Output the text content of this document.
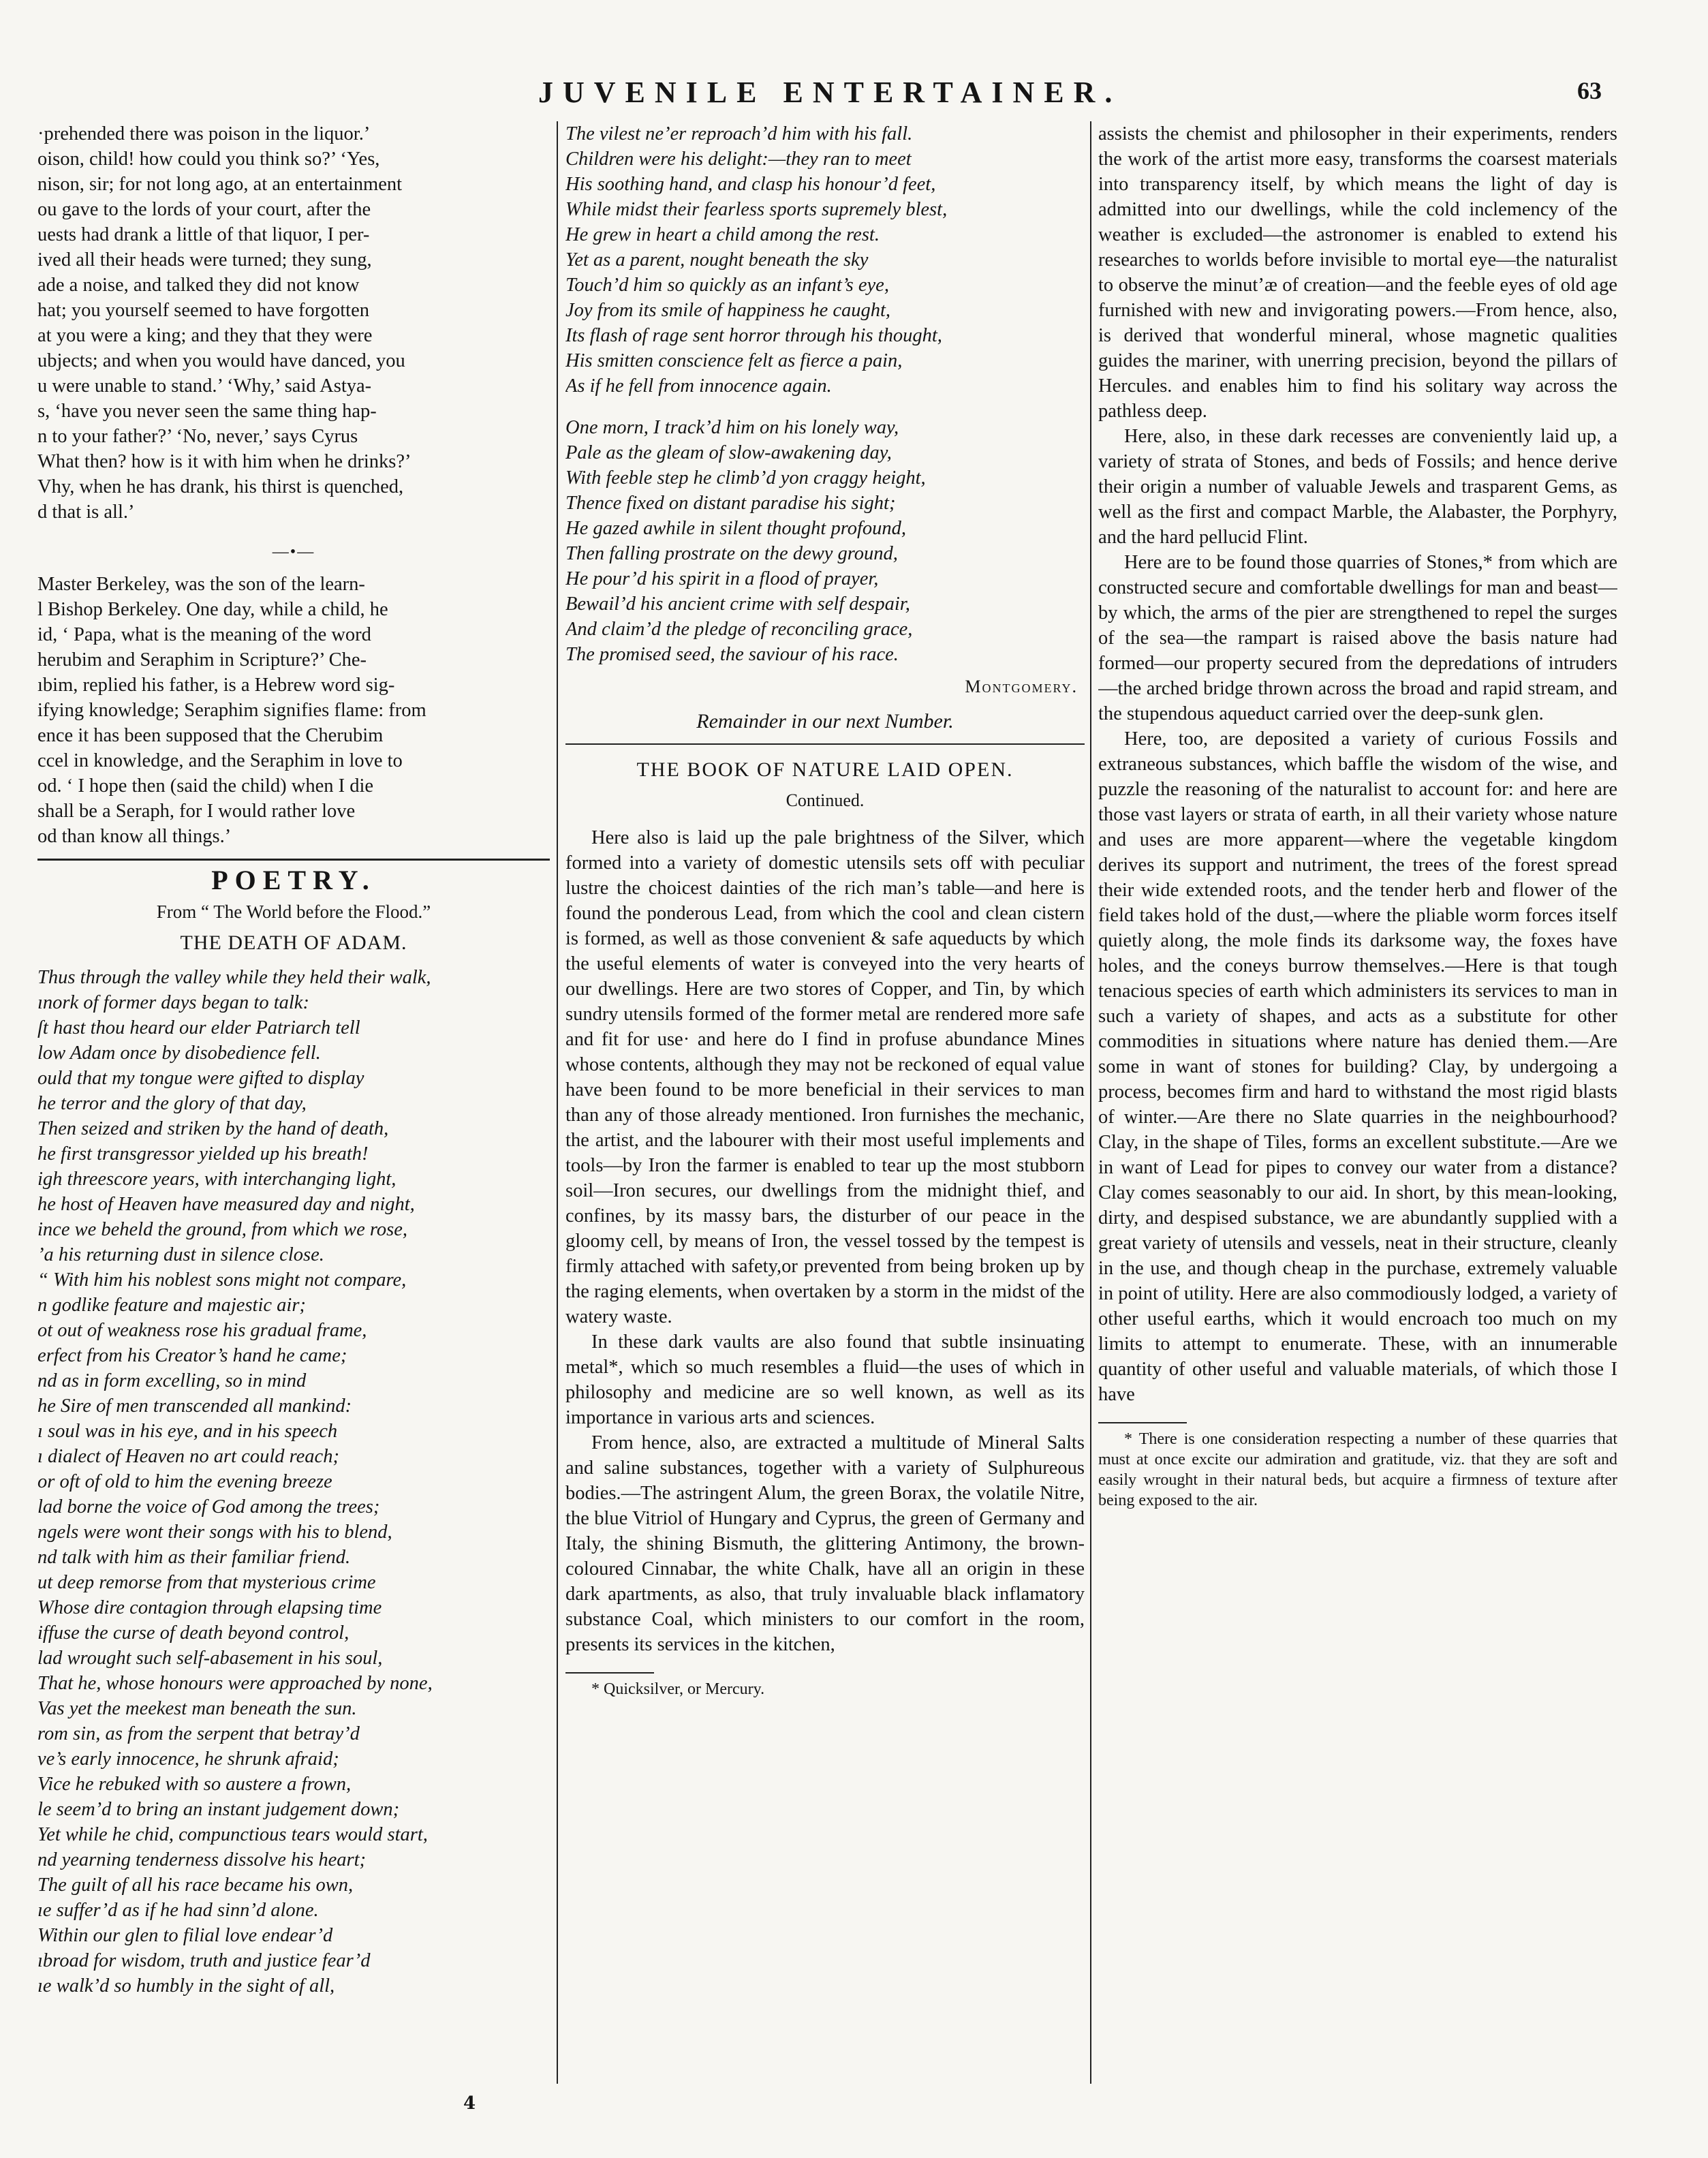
JUVENILE ENTERTAINER.	63
·prehended there was poison in the liquor.’
oison, child! how could you think so?’ ‘Yes,
nison, sir; for not long ago, at an entertainment
ou gave to the lords of your court, after the
uests had drank a little of that liquor, I per-
ived all their heads were turned; they sung,
ade a noise, and talked they did not know
hat; you yourself seemed to have forgotten
at you were a king; and they that they were
ubjects; and when you would have danced, you
u were unable to stand.’ ‘Why,’ said Astya-
s, ‘have you never seen the same thing hap-
n to your father?’ ‘No, never,’ says Cyrus
What then? how is it with him when he drinks?’
Vhy, when he has drank, his thirst is quenched,
d that is all.’
—•—
Master Berkeley, was the son of the learn-
l Bishop Berkeley. One day, while a child, he
id, ‘ Papa, what is the meaning of the word
herubim and Seraphim in Scripture?’ Che-
ıbim, replied his father, is a Hebrew word sig-
ifying knowledge; Seraphim signifies flame: from
ence it has been supposed that the Cherubim
ccel in knowledge, and the Seraphim in love to
od. ‘ I hope then (said the child) when I die
shall be a Seraph, for I would rather love
od than know all things.’
POETRY.
From “ The World before the Flood.”
THE DEATH OF ADAM.
Thus through the valley while they held their walk,
ınork of former days began to talk:
ſt hast thou heard our elder Patriarch tell
low Adam once by disobedience fell.
ould that my tongue were gifted to display
he terror and the glory of that day,
Then seized and striken by the hand of death,
he first transgressor yielded up his breath!
igh threescore years, with interchanging light,
he host of Heaven have measured day and night,
ince we beheld the ground, from which we rose,
’a his returning dust in silence close.
“ With him his noblest sons might not compare,
n godlike feature and majestic air;
ot out of weakness rose his gradual frame,
erfect from his Creator’s hand he came;
nd as in form excelling, so in mind
he Sire of men transcended all mankind:
ı soul was in his eye, and in his speech
ı dialect of Heaven no art could reach;
or oft of old to him the evening breeze
lad borne the voice of God among the trees;
ngels were wont their songs with his to blend,
nd talk with him as their familiar friend.
ut deep remorse from that mysterious crime
Whose dire contagion through elapsing time
iffuse the curse of death beyond control,
lad wrought such self-abasement in his soul,
That he, whose honours were approached by none,
Vas yet the meekest man beneath the sun.
rom sin, as from the serpent that betray’d
ve’s early innocence, he shrunk afraid;
Vice he rebuked with so austere a frown,
le seem’d to bring an instant judgement down;
Yet while he chid, compunctious tears would start,
nd yearning tenderness dissolve his heart;
The guilt of all his race became his own,
ıe suffer’d as if he had sinn’d alone.
Within our glen to filial love endear’d
ıbroad for wisdom, truth and justice fear’d
ıe walk’d so humbly in the sight of all,
The vilest ne’er reproach’d him with his fall.
Children were his delight:—they ran to meet
His soothing hand, and clasp his honour’d feet,
While midst their fearless sports supremely blest,
He grew in heart a child among the rest.
Yet as a parent, nought beneath the sky
Touch’d him so quickly as an infant’s eye,
Joy from its smile of happiness he caught,
Its flash of rage sent horror through his thought,
His smitten conscience felt as fierce a pain,
As if he fell from innocence again.
One morn, I track’d him on his lonely way,
Pale as the gleam of slow-awakening day,
With feeble step he climb’d yon craggy height,
Thence fixed on distant paradise his sight;
He gazed awhile in silent thought profound,
Then falling prostrate on the dewy ground,
He pour’d his spirit in a flood of prayer,
Bewail’d his ancient crime with self despair,
And claim’d the pledge of reconciling grace,
The promised seed, the saviour of his race.
Montgomery.
Remainder in our next Number.
THE BOOK OF NATURE LAID OPEN.
Continued.

Here also is laid up the pale brightness of the Silver, which formed into a variety of domestic utensils sets off with peculiar lustre the choicest dainties of the rich man’s table—and here is found the ponderous Lead, from which the cool and clean cistern is formed, as well as those convenient & safe aqueducts by which the useful elements of water is conveyed into the very hearts of our dwellings. Here are two stores of Copper, and Tin, by which sundry utensils formed of the former metal are rendered more safe and fit for use· and here do I find in profuse abundance Mines whose contents, although they may not be reckoned of equal value have been found to be more beneficial in their services to man than any of those already mentioned. Iron furnishes the mechanic, the artist, and the labourer with their most useful implements and tools—by Iron the farmer is enabled to tear up the most stubborn soil—Iron secures, our dwellings from the midnight thief, and confines, by its massy bars, the disturber of our peace in the gloomy cell, by means of Iron, the vessel tossed by the tempest is firmly attached with safety,or prevented from being broken up by the raging elements, when overtaken by a storm in the midst of the watery waste.

In these dark vaults are also found that subtle insinuating metal*, which so much resembles a fluid—the uses of which in philosophy and medicine are so well known, as well as its importance in various arts and sciences.

From hence, also, are extracted a multitude of Mineral Salts and saline substances, together with a variety of Sulphureous bodies.—The astringent Alum, the green Borax, the volatile Nitre, the blue Vitriol of Hungary and Cyprus, the green of Germany and Italy, the shining Bismuth, the glittering Antimony, the brown-coloured Cinnabar, the white Chalk, have all an origin in these dark apartments, as also, that truly invaluable black inflamatory substance Coal, which ministers to our comfort in the room, presents its services in the kitchen,

* Quicksilver, or Mercury.

assists the chemist and philosopher in their experiments, renders the work of the artist more easy, transforms the coarsest materials into transparency itself, by which means the light of day is admitted into our dwellings, while the cold inclemency of the weather is excluded—the astronomer is enabled to extend his researches to worlds before invisible to mortal eye—the naturalist to observe the minut’æ of creation—and the feeble eyes of old age furnished with new and invigorating powers.—From hence, also, is derived that wonderful mineral, whose magnetic qualities guides the mariner, with unerring precision, beyond the pillars of Hercules. and enables him to find his solitary way across the pathless deep.

Here, also, in these dark recesses are conveniently laid up, a variety of strata of Stones, and beds of Fossils; and hence derive their origin a number of valuable Jewels and trasparent Gems, as well as the first and compact Marble, the Alabaster, the Porphyry, and the hard pellucid Flint.

Here are to be found those quarries of Stones,* from which are constructed secure and comfortable dwellings for man and beast—by which, the arms of the pier are strengthened to repel the surges of the sea—the rampart is raised above the basis nature had formed—our property secured from the depredations of intruders—the arched bridge thrown across the broad and rapid stream, and the stupendous aqueduct carried over the deep-sunk glen.

Here, too, are deposited a variety of curious Fossils and extraneous substances, which baffle the wisdom of the wise, and puzzle the reasoning of the naturalist to account for: and here are those vast layers or strata of earth, in all their variety whose nature and uses are more apparent—where the vegetable kingdom derives its support and nutriment, the trees of the forest spread their wide extended roots, and the tender herb and flower of the field takes hold of the dust,—where the pliable worm forces itself quietly along, the mole finds its darksome way, the foxes have holes, and the coneys burrow themselves.—Here is that tough tenacious species of earth which administers its services to man in such a variety of shapes, and acts as a substitute for other commodities in situations where nature has denied them.—Are some in want of stones for building? Clay, by undergoing a process, becomes firm and hard to withstand the most rigid blasts of winter.—Are there no Slate quarries in the neighbourhood? Clay, in the shape of Tiles, forms an excellent substitute.—Are we in want of Lead for pipes to convey our water from a distance? Clay comes seasonably to our aid. In short, by this mean-looking, dirty, and despised substance, we are abundantly supplied with a great variety of utensils and vessels, neat in their structure, cleanly in the use, and though cheap in the purchase, extremely valuable in point of utility. Here are also commodiously lodged, a variety of other useful earths, which it would encroach too much on my limits to attempt to enumerate. These, with an innumerable quantity of other useful and valuable materials, of which those I have

* There is one consideration respecting a number of these quarries that must at once excite our admiration and gratitude, viz. that they are soft and easily wrought in their natural beds, but acquire a firmness of texture after being exposed to the air.

4
